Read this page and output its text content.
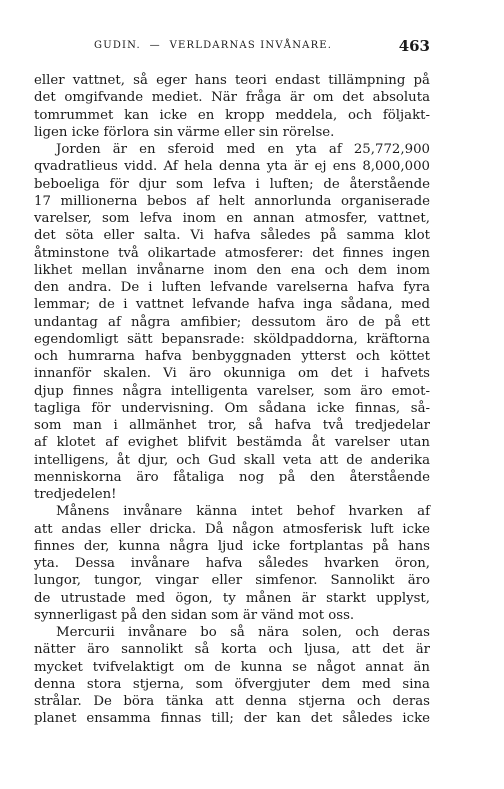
GUDIN.  —  VERLDARNAS INVÅNARE.	463
eller vattnet, så eger hans teori endast tillämpning på
det omgifvande mediet. När fråga är om det absoluta
tomrummet kan icke en kropp meddela, och följakt-
ligen icke förlora sin värme eller sin rörelse.
Jorden är en sferoid med en yta af 25,772,900
qvadratlieus vidd. Af hela denna yta är ej ens 8,000,000
beboeliga för djur som lefva i luften; de återstående
17 millionerna bebos af helt annorlunda organiserade
varelser, som lefva inom en annan atmosfer, vattnet,
det söta eller salta. Vi hafva således på samma klot
åtminstone två olikartade atmosferer: det finnes ingen
likhet mellan invånarne inom den ena och dem inom
den andra. De i luften lefvande varelserna hafva fyra
lemmar; de i vattnet lefvande hafva inga sådana, med
undantag af några amfibier; dessutom äro de på ett
egendomligt sätt bepansrade: sköldpaddorna, kräftorna
och humrarna hafva benbyggnaden ytterst och köttet
innanför skalen. Vi äro okunniga om det i hafvets
djup finnes några intelligenta varelser, som äro emot-
tagliga för undervisning. Om sådana icke finnas, så-
som man i allmänhet tror, så hafva två tredjedelar
af klotet af evighet blifvit bestämda åt varelser utan
intelligens, åt djur, och Gud skall veta att de anderika
menniskorna äro fåtaliga nog på den återstående
tredjedelen!
Månens invånare känna intet behof hvarken af
att andas eller dricka. Då någon atmosferisk luft icke
finnes der, kunna några ljud icke fortplantas på hans
yta. Dessa invånare hafva således hvarken öron,
lungor, tungor, vingar eller simfenor. Sannolikt äro
de utrustade med ögon, ty månen är starkt upplyst,
synnerligast på den sidan som är vänd mot oss.
Mercurii invånare bo så nära solen, och deras
nätter äro sannolikt så korta och ljusa, att det är
mycket tvifvelaktigt om de kunna se något annat än
denna stora stjerna, som öfvergjuter dem med sina
strålar. De böra tänka att denna stjerna och deras
planet ensamma finnas till; der kan det således icke
